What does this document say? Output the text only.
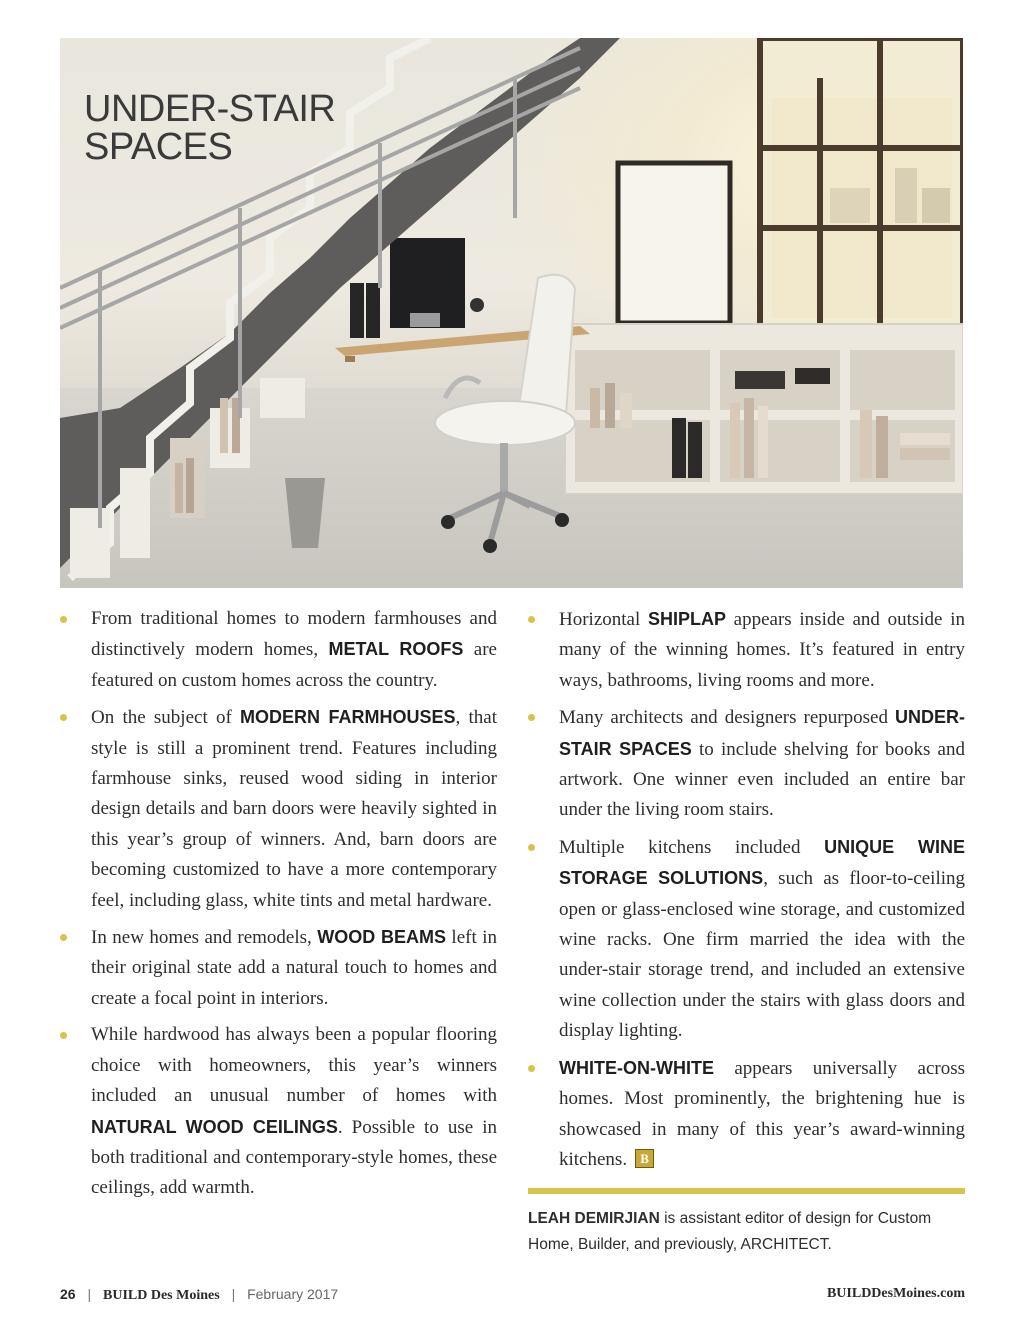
UNDER-STAIR
SPACES
From traditional homes to modern farmhouses and distinctively modern homes, METAL ROOFS are featured on custom homes across the country.
On the subject of MODERN FARMHOUSES, that style is still a prominent trend. Features including farmhouse sinks, reused wood siding in interior design details and barn doors were heavily sighted in this year’s group of winners. And, barn doors are becoming customized to have a more contemporary feel, including glass, white tints and metal hardware.
In new homes and remodels, WOOD BEAMS left in their original state add a natural touch to homes and create a focal point in interiors.
While hardwood has always been a popular flooring choice with homeowners, this year’s winners included an unusual number of homes with NATURAL WOOD CEILINGS. Possible to use in both traditional and contemporary-style homes, these ceilings, add warmth.
Horizontal SHIPLAP appears inside and outside in many of the winning homes. It’s featured in entry ways, bathrooms, living rooms and more.
Many architects and designers repurposed UNDER-STAIR SPACES to include shelving for books and artwork. One winner even included an entire bar under the living room stairs.
Multiple kitchens included UNIQUE WINE STORAGE SOLUTIONS, such as floor-to-ceiling open or glass-enclosed wine storage, and customized wine racks. One firm married the idea with the under-stair storage trend, and included an extensive wine collection under the stairs with glass doors and display lighting.
WHITE-ON-WHITE appears universally across homes. Most prominently, the brightening hue is showcased in many of this year’s award-winning kitchens. B
LEAH DEMIRJIAN is assistant editor of design for Custom Home, Builder, and previously, ARCHITECT.
26 | BUILD Des Moines | February 2017	BUILDDesMoines.com
